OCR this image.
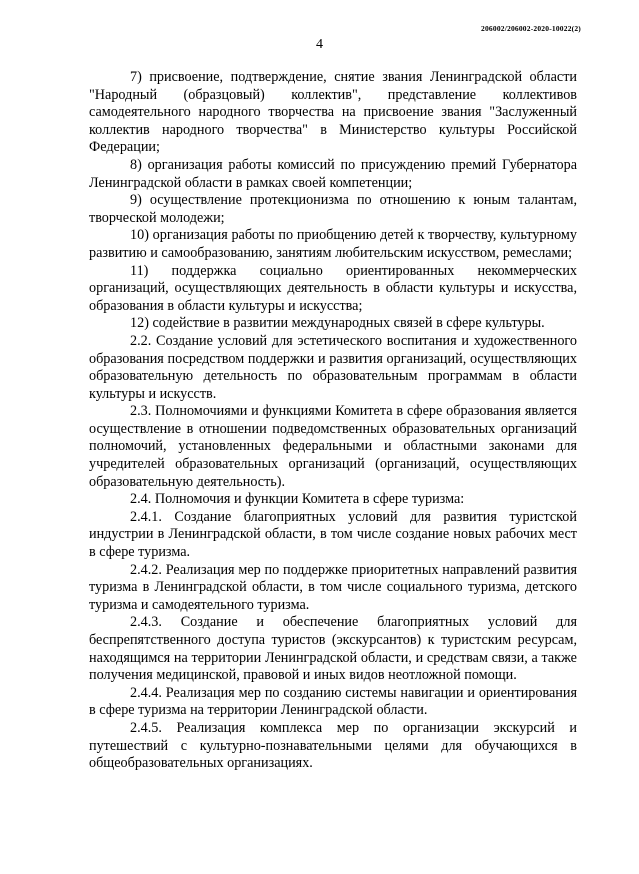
206002/206002-2020-10022(2)
4

7) присвоение, подтверждение, снятие звания Ленинградской области "Народный (образцовый) коллектив", представление коллективов самодеятельного народного творчества на присвоение звания "Заслуженный коллектив народного творчества" в Министерство культуры Российской Федерации;

8) организация работы комиссий по присуждению премий Губернатора Ленинградской области в рамках своей компетенции;

9) осуществление протекционизма по отношению к юным талантам, творческой молодежи;

10) организация работы по приобщению детей к творчеству, культурному развитию и самообразованию, занятиям любительским искусством, ремеслами;

11) поддержка социально ориентированных некоммерческих организаций, осуществляющих деятельность в области культуры и искусства, образования в области культуры и искусства;

12) содействие в развитии международных связей в сфере культуры.

2.2. Создание условий для эстетического воспитания и художественного образования посредством поддержки и развития организаций, осуществляющих образовательную детельность по образовательным программам в области культуры и искусств.

2.3. Полномочиями и функциями Комитета в сфере образования является осуществление в отношении подведомственных образовательных организаций полномочий, установленных федеральными и областными законами для учредителей образовательных организаций (организаций, осуществляющих образовательную деятельность).

2.4. Полномочия и функции Комитета в сфере туризма:

2.4.1. Создание благоприятных условий для развития туристской индустрии в Ленинградской области, в том числе создание новых рабочих мест в сфере туризма.

2.4.2. Реализация мер по поддержке приоритетных направлений развития туризма в Ленинградской области, в том числе социального туризма, детского туризма и самодеятельного туризма.

2.4.3. Создание и обеспечение благоприятных условий для беспрепятственного доступа туристов (экскурсантов) к туристским ресурсам, находящимся на территории Ленинградской области, и средствам связи, а также получения медицинской, правовой и иных видов неотложной помощи.

2.4.4. Реализация мер по созданию системы навигации и ориентирования в сфере туризма на территории Ленинградской области.

2.4.5. Реализация комплекса мер по организации экскурсий и путешествий с культурно-познавательными целями для обучающихся в общеобразовательных организациях.
